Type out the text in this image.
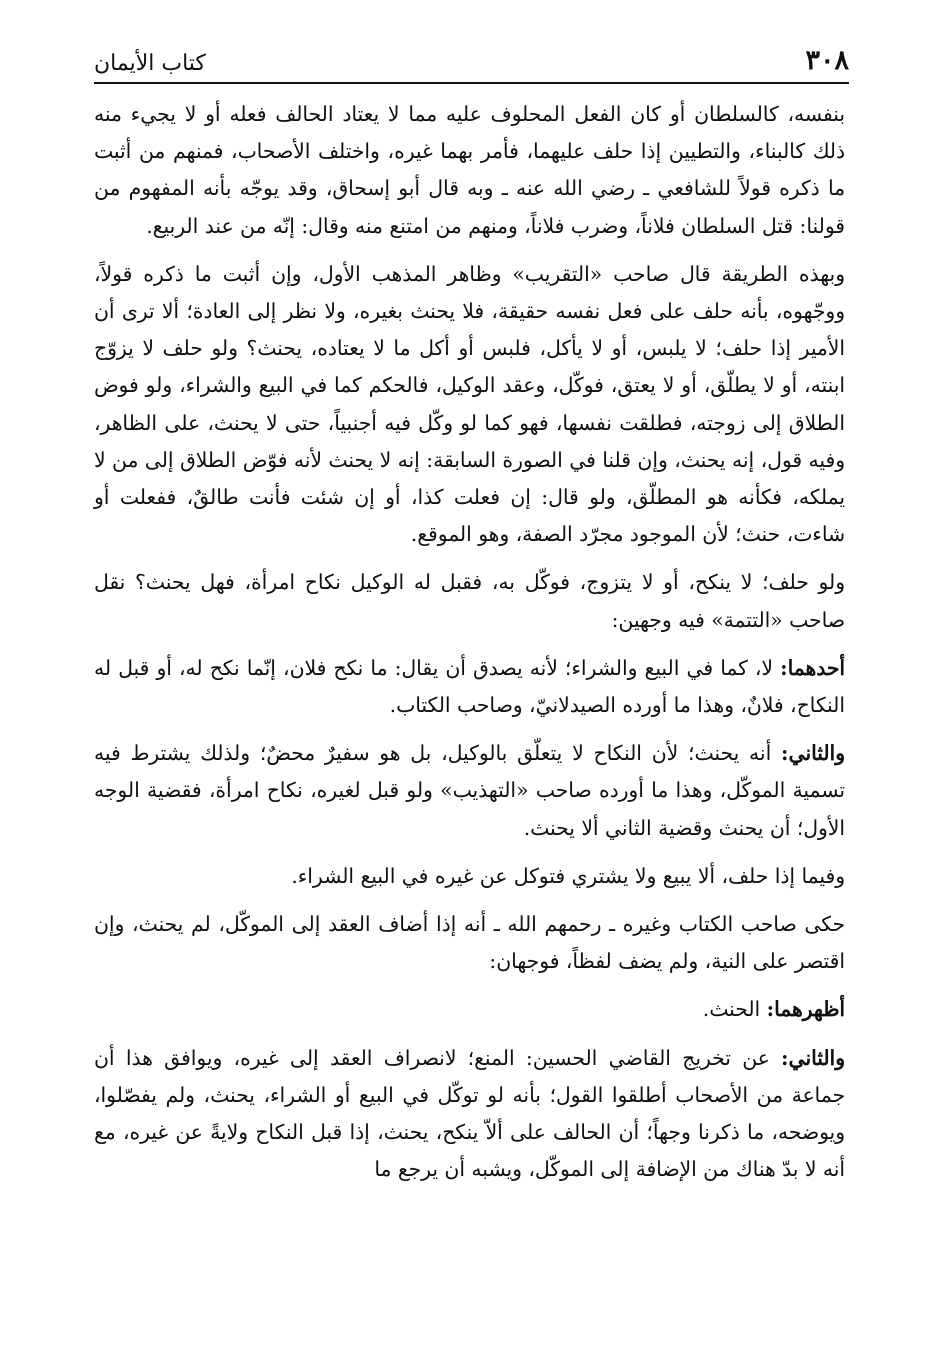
٣٠٨
كتاب الأيمان

بنفسه، كالسلطان أو كان الفعل المحلوف عليه مما لا يعتاد الحالف فعله أو لا يجيء منه ذلك كالبناء، والتطيين إذا حلف عليهما، فأمر بهما غيره، واختلف الأصحاب، فمنهم من أثبت ما ذكره قولاً للشافعي ـ رضي الله عنه ـ وبه قال أبو إسحاق، وقد يوجّه بأنه المفهوم من قولنا: قتل السلطان فلاناً، وضرب فلاناً، ومنهم من امتنع منه وقال: إنّه من عند الربيع.

وبهذه الطريقة قال صاحب «التقريب» وظاهر المذهب الأول، وإن أثبت ما ذكره قولاً، ووجّهوه، بأنه حلف على فعل نفسه حقيقة، فلا يحنث بغيره، ولا نظر إلى العادة؛ ألا ترى أن الأمير إذا حلف؛ لا يلبس، أو لا يأكل، فلبس أو أكل ما لا يعتاده، يحنث؟ ولو حلف لا يزوّج ابنته، أو لا يطلّق، أو لا يعتق، فوكّل، وعقد الوكيل، فالحكم كما في البيع والشراء، ولو فوض الطلاق إلى زوجته، فطلقت نفسها، فهو كما لو وكّل فيه أجنبياً، حتى لا يحنث، على الظاهر، وفيه قول، إنه يحنث، وإن قلنا في الصورة السابقة: إنه لا يحنث لأنه فوّض الطلاق إلى من لا يملكه، فكأنه هو المطلّق، ولو قال: إن فعلت كذا، أو إن شئت فأنت طالقٌ، ففعلت أو شاءت، حنث؛ لأن الموجود مجرّد الصفة، وهو الموقع.

ولو حلف؛ لا ينكح، أو لا يتزوج، فوكّل به، فقبل له الوكيل نكاح امرأة، فهل يحنث؟ نقل صاحب «التتمة» فيه وجهين:

أحدهما: لا، كما في البيع والشراء؛ لأنه يصدق أن يقال: ما نكح فلان، إنّما نكح له، أو قبل له النكاح، فلانٌ، وهذا ما أورده الصيدلانيّ، وصاحب الكتاب.

والثاني: أنه يحنث؛ لأن النكاح لا يتعلّق بالوكيل، بل هو سفيرٌ محضٌ؛ ولذلك يشترط فيه تسمية الموكّل، وهذا ما أورده صاحب «التهذيب» ولو قبل لغيره، نكاح امرأة، فقضية الوجه الأول؛ أن يحنث وقضية الثاني ألا يحنث.

وفيما إذا حلف، ألا يبيع ولا يشتري فتوكل عن غيره في البيع الشراء.

حكى صاحب الكتاب وغيره ـ رحمهم الله ـ أنه إذا أضاف العقد إلى الموكّل، لم يحنث، وإن اقتصر على النية، ولم يضف لفظاً، فوجهان:

أظهرهما: الحنث.

والثاني: عن تخريج القاضي الحسين: المنع؛ لانصراف العقد إلى غيره، ويوافق هذا أن جماعة من الأصحاب أطلقوا القول؛ بأنه لو توكّل في البيع أو الشراء، يحنث، ولم يفصّلوا، ويوضحه، ما ذكرنا وجهاً؛ أن الحالف على ألاّ ينكح، يحنث، إذا قبل النكاح ولايةً عن غيره، مع أنه لا بدّ هناك من الإضافة إلى الموكّل، ويشبه أن يرجع ما
